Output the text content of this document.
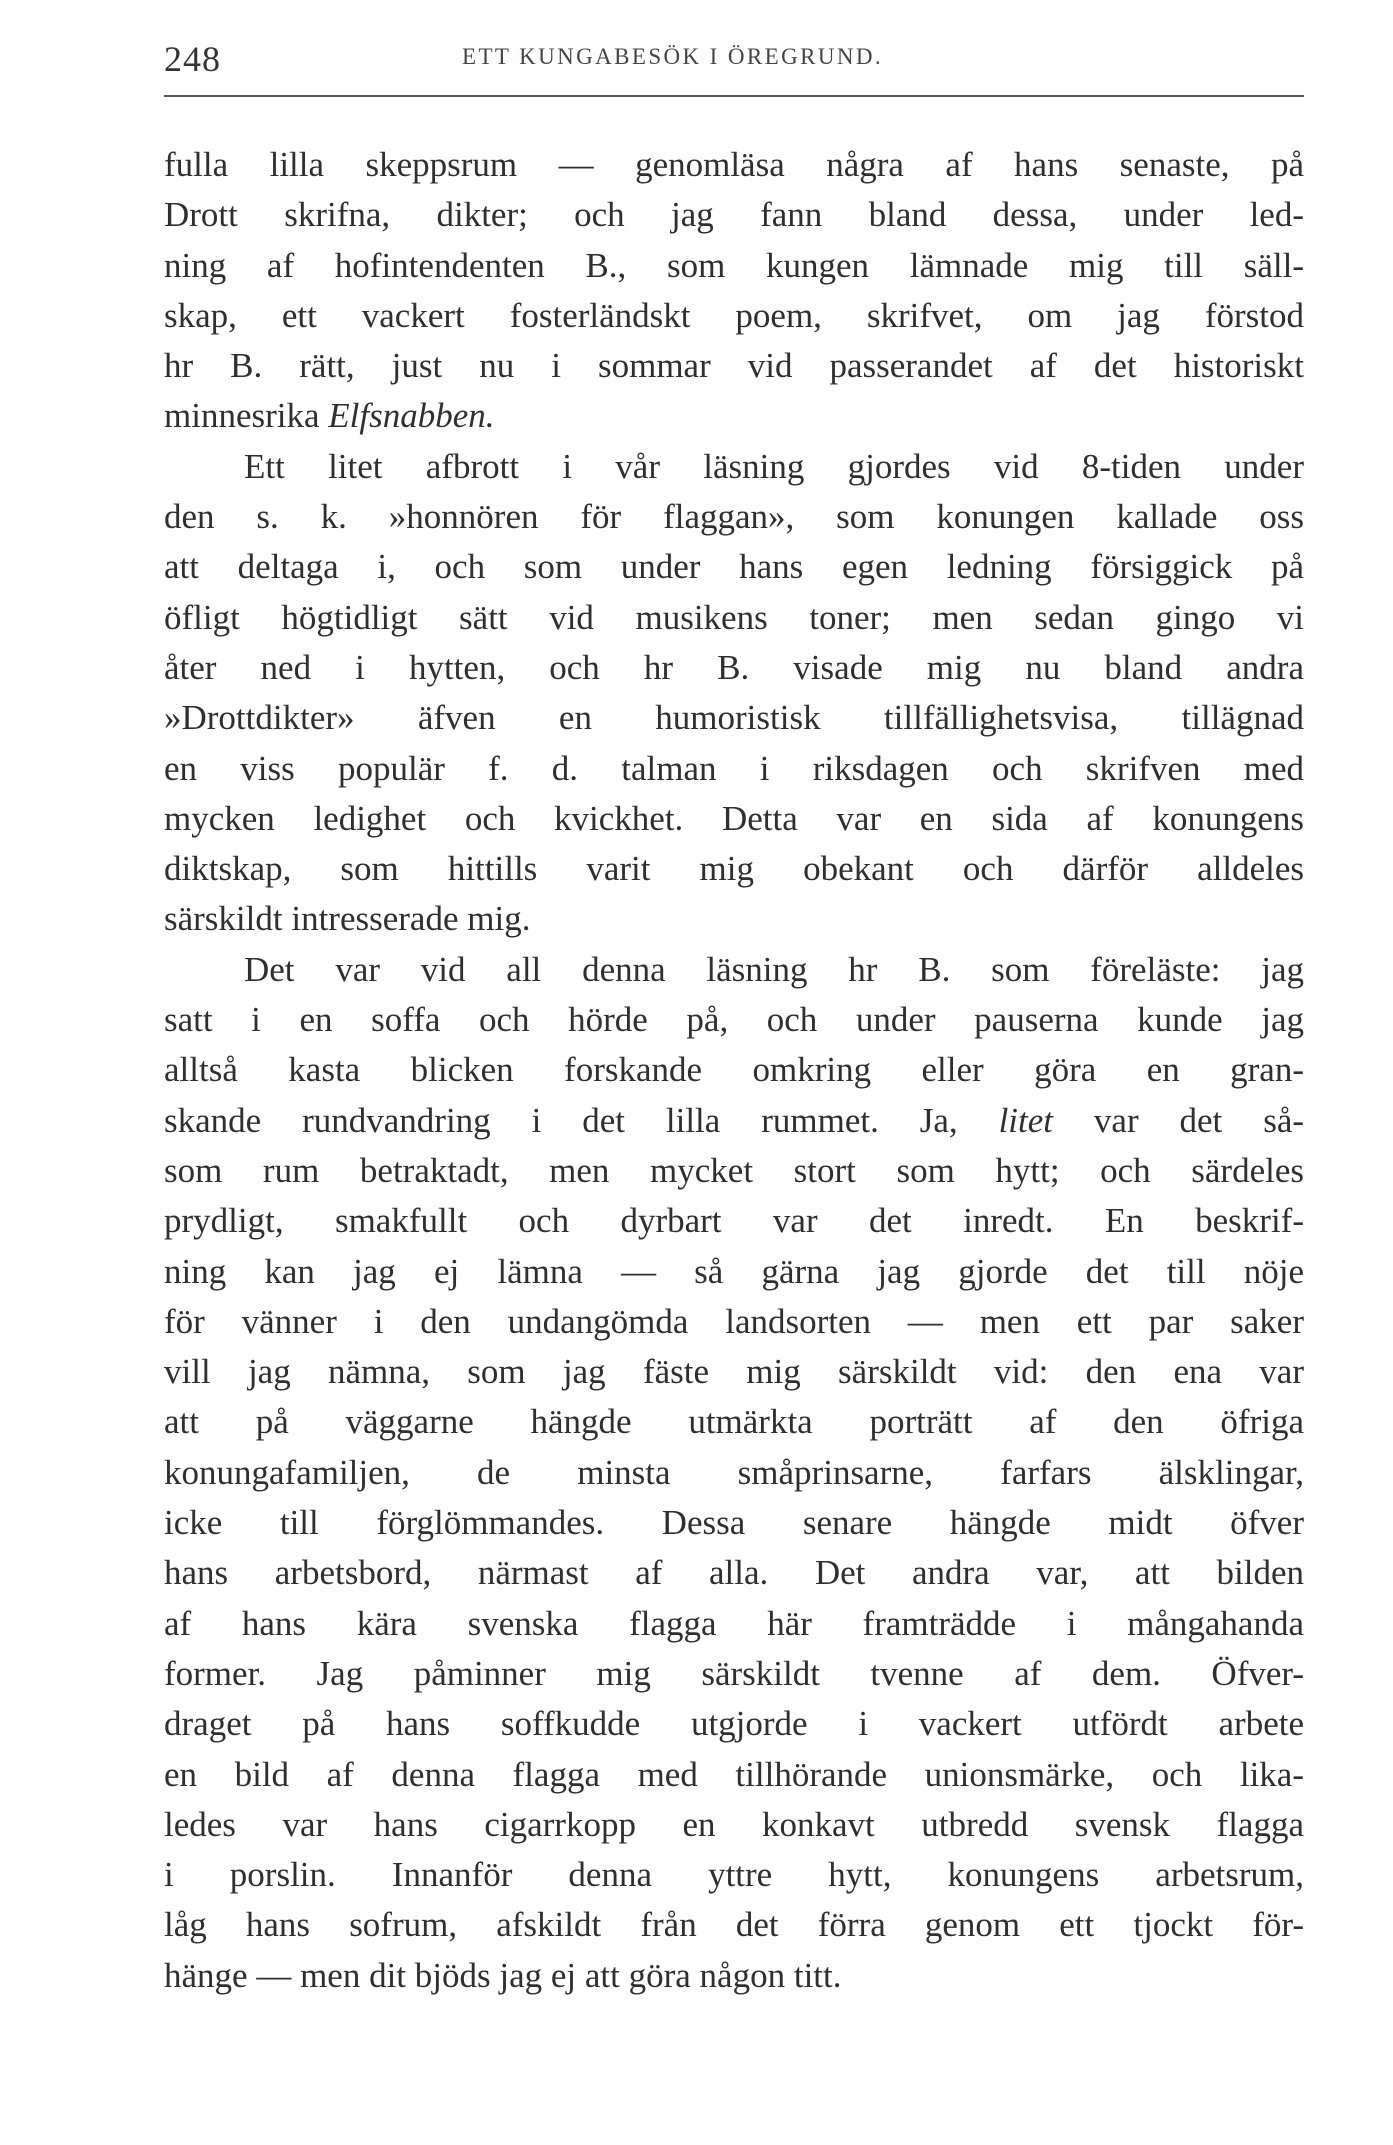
248	ETT KUNGABESÖK I ÖREGRUND.
fulla lilla skeppsrum — genomläsa några af hans senaste, på
Drott skrifna, dikter; och jag fann bland dessa, under led-
ning af hofintendenten B., som kungen lämnade mig till säll-
skap, ett vackert fosterländskt poem, skrifvet, om jag förstod
hr B. rätt, just nu i sommar vid passerandet af det historiskt
minnesrika Elfsnabben.
Ett litet afbrott i vår läsning gjordes vid 8-tiden under
den s. k. »honnören för flaggan», som konungen kallade oss
att deltaga i, och som under hans egen ledning försiggick på
öfligt högtidligt sätt vid musikens toner; men sedan gingo vi
åter ned i hytten, och hr B. visade mig nu bland andra
»Drottdikter» äfven en humoristisk tillfällighetsvisa, tillägnad
en viss populär f. d. talman i riksdagen och skrifven med
mycken ledighet och kvickhet. Detta var en sida af konungens
diktskap, som hittills varit mig obekant och därför alldeles
särskildt intresserade mig.
Det var vid all denna läsning hr B. som föreläste: jag
satt i en soffa och hörde på, och under pauserna kunde jag
alltså kasta blicken forskande omkring eller göra en gran-
skande rundvandring i det lilla rummet. Ja, litet var det så-
som rum betraktadt, men mycket stort som hytt; och särdeles
prydligt, smakfullt och dyrbart var det inredt. En beskrif-
ning kan jag ej lämna — så gärna jag gjorde det till nöje
för vänner i den undangömda landsorten — men ett par saker
vill jag nämna, som jag fäste mig särskildt vid: den ena var
att på väggarne hängde utmärkta porträtt af den öfriga
konungafamiljen, de minsta småprinsarne, farfars älsklingar,
icke till förglömmandes. Dessa senare hängde midt öfver
hans arbetsbord, närmast af alla. Det andra var, att bilden
af hans kära svenska flagga här framträdde i mångahanda
former. Jag påminner mig särskildt tvenne af dem. Öfver-
draget på hans soffkudde utgjorde i vackert utfördt arbete
en bild af denna flagga med tillhörande unionsmärke, och lika-
ledes var hans cigarrkopp en konkavt utbredd svensk flagga
i porslin. Innanför denna yttre hytt, konungens arbetsrum,
låg hans sofrum, afskildt från det förra genom ett tjockt för-
hänge — men dit bjöds jag ej att göra någon titt.
